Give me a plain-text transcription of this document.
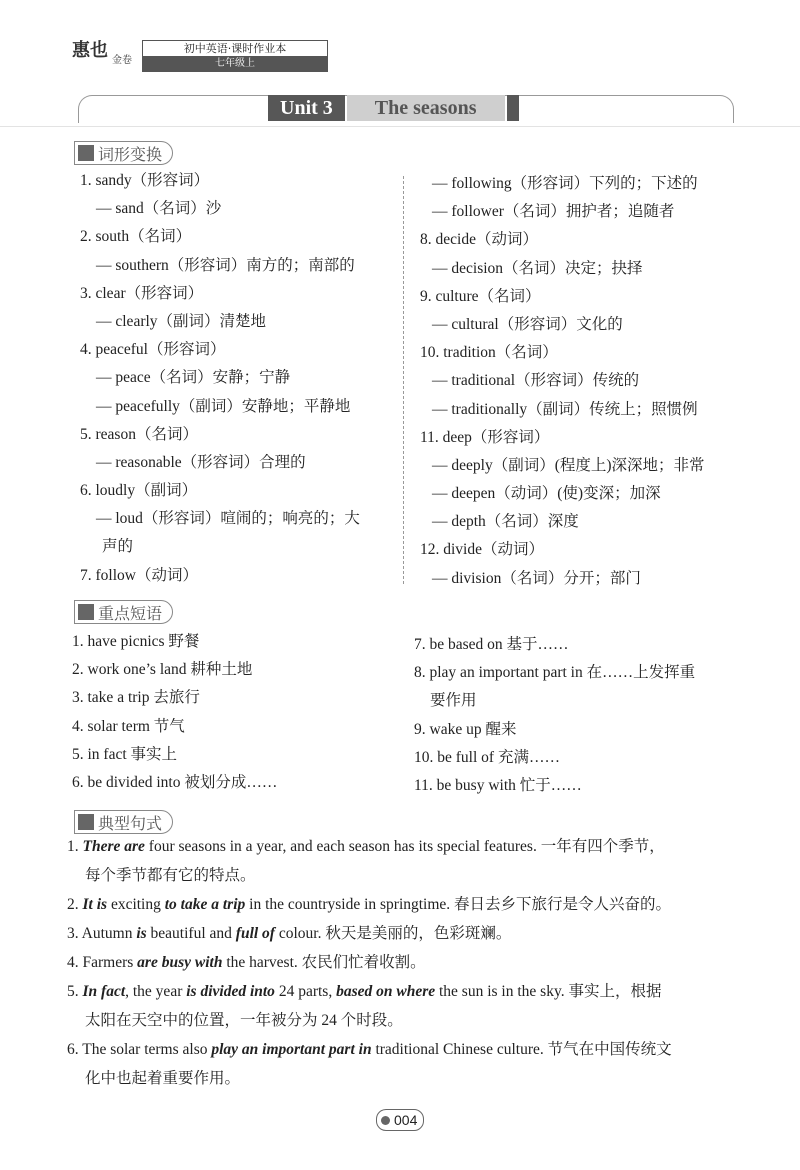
惠也 金卷
初中英语·课时作业本
七年级上
Unit 3	The seasons
词形变换
1. sandy（形容词）
— sand（名词）沙
2. south（名词）
— southern（形容词）南方的；南部的
3. clear（形容词）
— clearly（副词）清楚地
4. peaceful（形容词）
— peace（名词）安静；宁静
— peacefully（副词）安静地；平静地
5. reason（名词）
— reasonable（形容词）合理的
6. loudly（副词）
— loud（形容词）喧闹的；响亮的；大
声的
7. follow（动词）
— following（形容词）下列的；下述的
— follower（名词）拥护者；追随者
8. decide（动词）
— decision（名词）决定；抉择
9. culture（名词）
— cultural（形容词）文化的
10. tradition（名词）
— traditional（形容词）传统的
— traditionally（副词）传统上；照惯例
11. deep（形容词）
— deeply（副词）(程度上)深深地；非常
— deepen（动词）(使)变深；加深
— depth（名词）深度
12. divide（动词）
— division（名词）分开；部门
重点短语
1. have picnics 野餐
2. work one’s land 耕种土地
3. take a trip 去旅行
4. solar term 节气
5. in fact 事实上
6. be divided into 被划分成……
7. be based on 基于……
8. play an important part in 在……上发挥重
要作用
9. wake up 醒来
10. be full of 充满……
11. be busy with 忙于……
典型句式
1. There are four seasons in a year, and each season has its special features. 一年有四个季节，
每个季节都有它的特点。
2. It is exciting to take a trip in the countryside in springtime. 春日去乡下旅行是令人兴奋的。
3. Autumn is beautiful and full of colour. 秋天是美丽的，色彩斑斓。
4. Farmers are busy with the harvest. 农民们忙着收割。
5. In fact, the year is divided into 24 parts, based on where the sun is in the sky. 事实上，根据
太阳在天空中的位置，一年被分为 24 个时段。
6. The solar terms also play an important part in traditional Chinese culture. 节气在中国传统文
化中也起着重要作用。
004
